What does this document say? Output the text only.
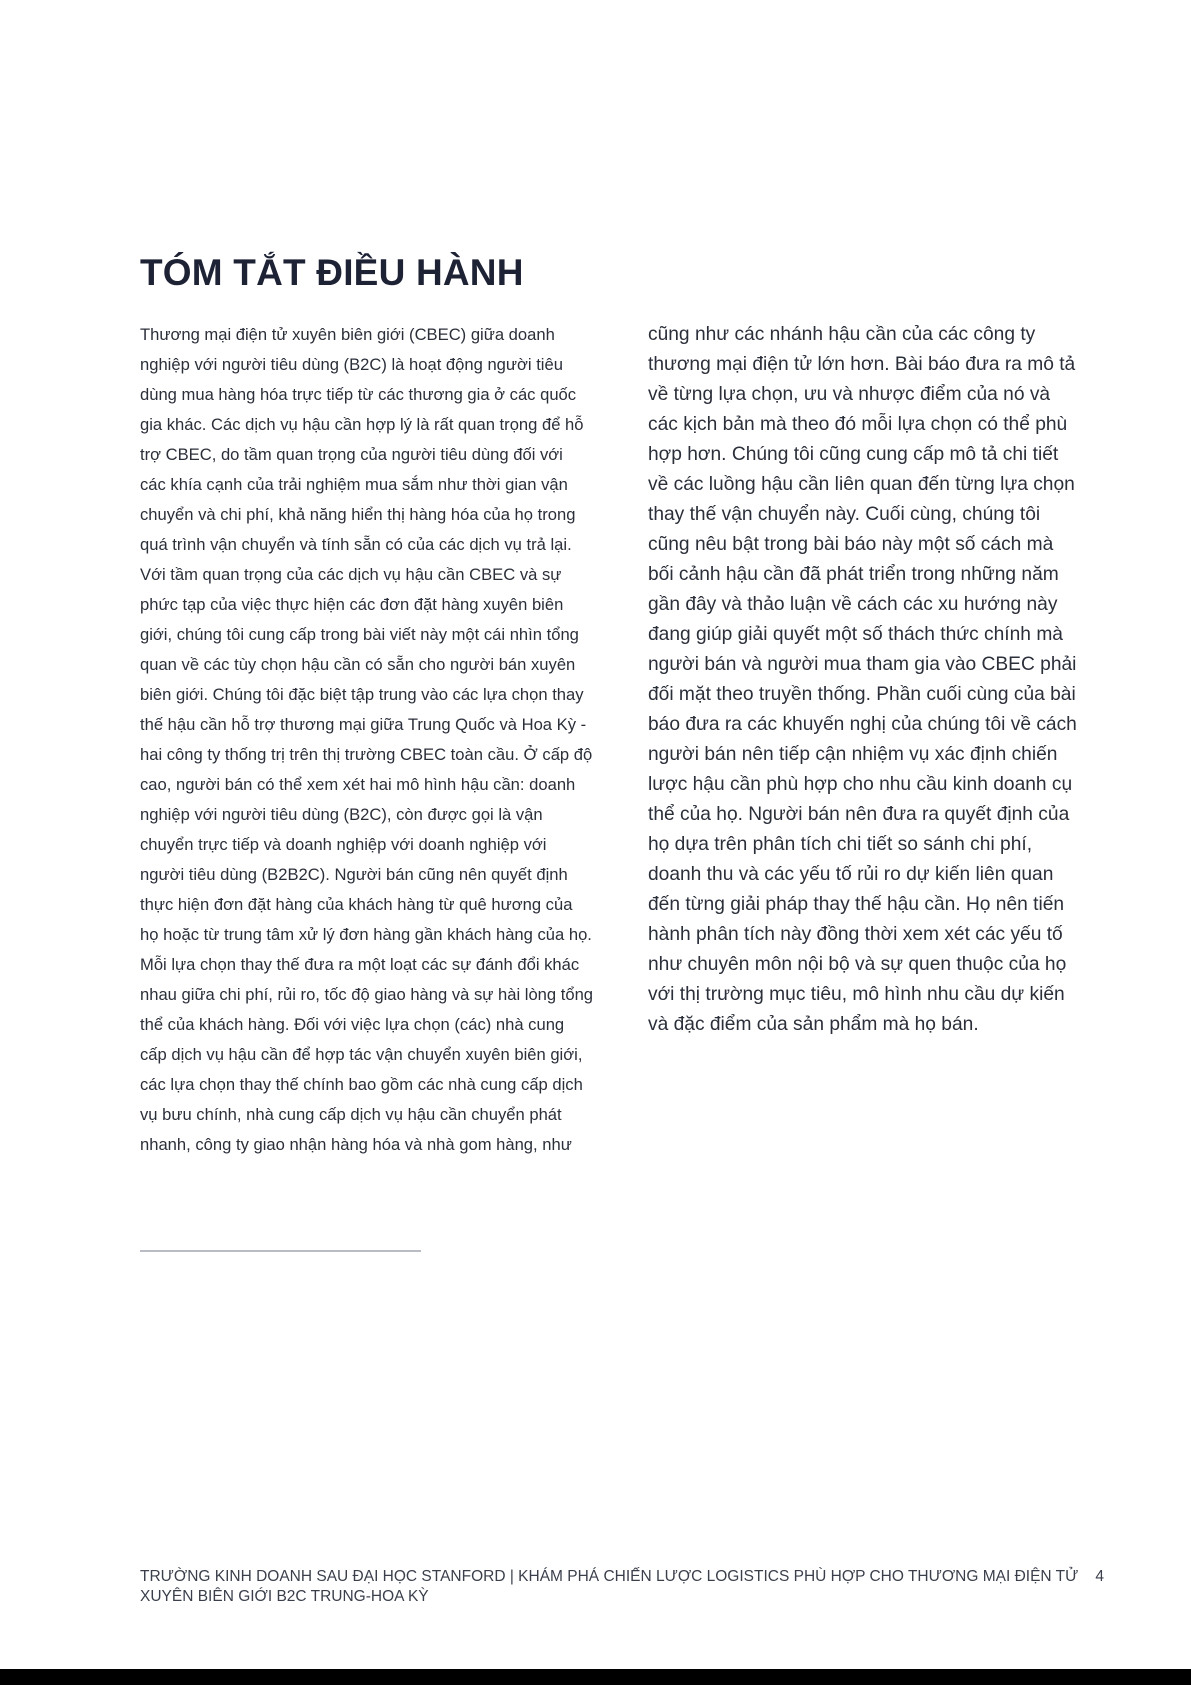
TÓM TẮT ĐIỀU HÀNH
Thương mại điện tử xuyên biên giới (CBEC) giữa doanh
nghiệp với người tiêu dùng (B2C) là hoạt động người tiêu
dùng mua hàng hóa trực tiếp từ các thương gia ở các quốc
gia khác. Các dịch vụ hậu cần hợp lý là rất quan trọng để hỗ
trợ CBEC, do tầm quan trọng của người tiêu dùng đối với
các khía cạnh của trải nghiệm mua sắm như thời gian vận
chuyển và chi phí, khả năng hiển thị hàng hóa của họ trong
quá trình vận chuyển và tính sẵn có của các dịch vụ trả lại.
Với tầm quan trọng của các dịch vụ hậu cần CBEC và sự
phức tạp của việc thực hiện các đơn đặt hàng xuyên biên
giới, chúng tôi cung cấp trong bài viết này một cái nhìn tổng
quan về các tùy chọn hậu cần có sẵn cho người bán xuyên
biên giới. Chúng tôi đặc biệt tập trung vào các lựa chọn thay
thế hậu cần hỗ trợ thương mại giữa Trung Quốc và Hoa Kỳ -
hai công ty thống trị trên thị trường CBEC toàn cầu. Ở cấp độ
cao, người bán có thể xem xét hai mô hình hậu cần: doanh
nghiệp với người tiêu dùng (B2C), còn được gọi là vận
chuyển trực tiếp và doanh nghiệp với doanh nghiệp với
người tiêu dùng (B2B2C). Người bán cũng nên quyết định
thực hiện đơn đặt hàng của khách hàng từ quê hương của
họ hoặc từ trung tâm xử lý đơn hàng gần khách hàng của họ.
Mỗi lựa chọn thay thế đưa ra một loạt các sự đánh đổi khác
nhau giữa chi phí, rủi ro, tốc độ giao hàng và sự hài lòng tổng
thể của khách hàng. Đối với việc lựa chọn (các) nhà cung
cấp dịch vụ hậu cần để hợp tác vận chuyển xuyên biên giới,
các lựa chọn thay thế chính bao gồm các nhà cung cấp dịch
vụ bưu chính, nhà cung cấp dịch vụ hậu cần chuyển phát
nhanh, công ty giao nhận hàng hóa và nhà gom hàng, như
cũng như các nhánh hậu cần của các công ty
thương mại điện tử lớn hơn. Bài báo đưa ra mô tả
về từng lựa chọn, ưu và nhược điểm của nó và
các kịch bản mà theo đó mỗi lựa chọn có thể phù
hợp hơn. Chúng tôi cũng cung cấp mô tả chi tiết
về các luồng hậu cần liên quan đến từng lựa chọn
thay thế vận chuyển này. Cuối cùng, chúng tôi
cũng nêu bật trong bài báo này một số cách mà
bối cảnh hậu cần đã phát triển trong những năm
gần đây và thảo luận về cách các xu hướng này
đang giúp giải quyết một số thách thức chính mà
người bán và người mua tham gia vào CBEC phải
đối mặt theo truyền thống. Phần cuối cùng của bài
báo đưa ra các khuyến nghị của chúng tôi về cách
người bán nên tiếp cận nhiệm vụ xác định chiến
lược hậu cần phù hợp cho nhu cầu kinh doanh cụ
thể của họ. Người bán nên đưa ra quyết định của
họ dựa trên phân tích chi tiết so sánh chi phí,
doanh thu và các yếu tố rủi ro dự kiến liên quan
đến từng giải pháp thay thế hậu cần. Họ nên tiến
hành phân tích này đồng thời xem xét các yếu tố
như chuyên môn nội bộ và sự quen thuộc của họ
với thị trường mục tiêu, mô hình nhu cầu dự kiến
và đặc điểm của sản phẩm mà họ bán.
TRƯỜNG KINH DOANH SAU ĐẠI HỌC STANFORD | KHÁM PHÁ CHIẾN LƯỢC LOGISTICS PHÙ HỢP CHO THƯƠNG MẠI ĐIỆN TỬ
XUYÊN BIÊN GIỚI B2C TRUNG-HOA KỲ
4
